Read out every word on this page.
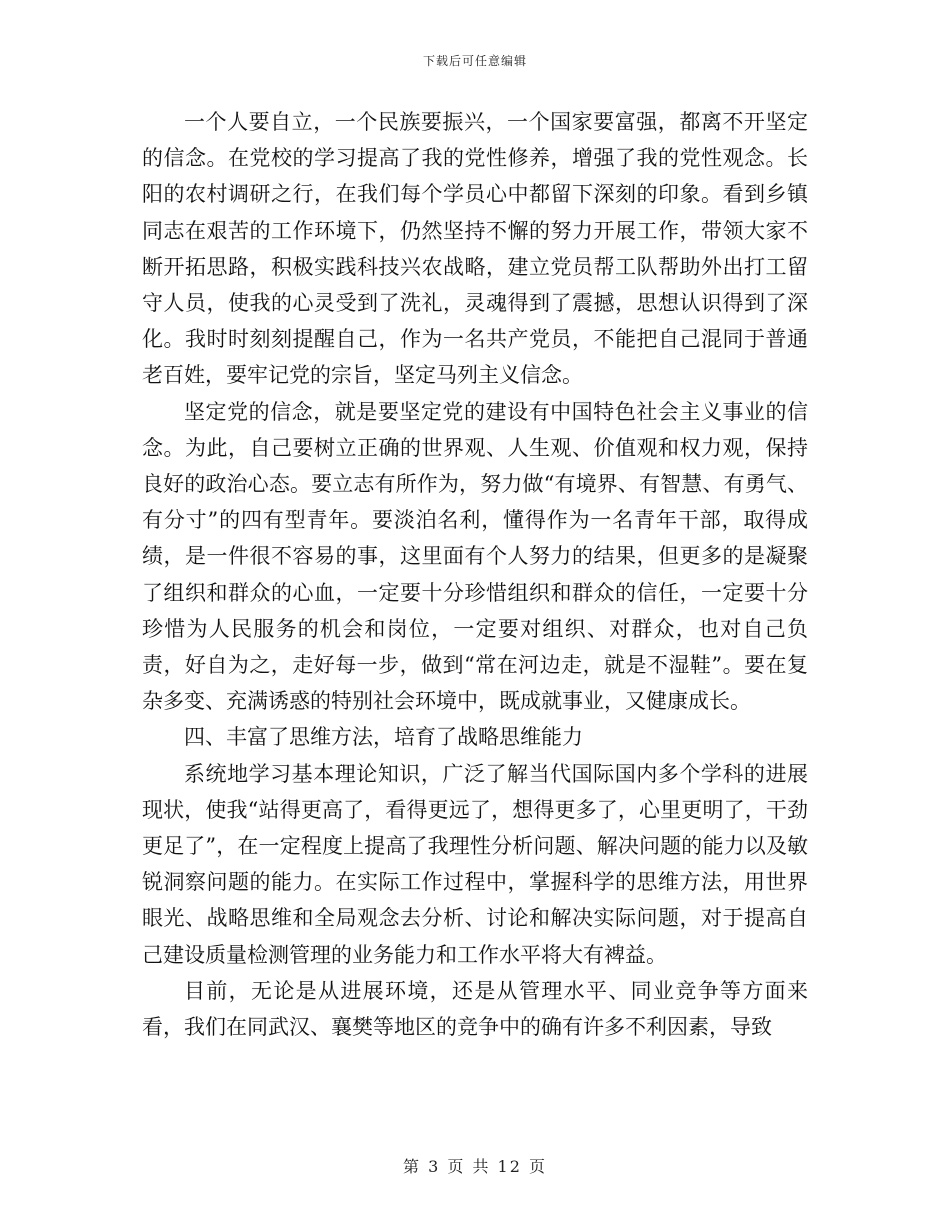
下载后可任意编辑

一个人要自立，一个民族要振兴，一个国家要富强，都离不开坚定的信念。在党校的学习提高了我的党性修养，增强了我的党性观念。长阳的农村调研之行，在我们每个学员心中都留下深刻的印象。看到乡镇同志在艰苦的工作环境下，仍然坚持不懈的努力开展工作，带领大家不断开拓思路，积极实践科技兴农战略，建立党员帮工队帮助外出打工留守人员，使我的心灵受到了洗礼，灵魂得到了震撼，思想认识得到了深化。我时时刻刻提醒自己，作为一名共产党员，不能把自己混同于普通老百姓，要牢记党的宗旨，坚定马列主义信念。

坚定党的信念，就是要坚定党的建设有中国特色社会主义事业的信念。为此，自己要树立正确的世界观、人生观、价值观和权力观，保持良好的政治心态。要立志有所作为，努力做“有境界、有智慧、有勇气、有分寸”的四有型青年。要淡泊名利，懂得作为一名青年干部，取得成绩，是一件很不容易的事，这里面有个人努力的结果，但更多的是凝聚了组织和群众的心血，一定要十分珍惜组织和群众的信任，一定要十分珍惜为人民服务的机会和岗位，一定要对组织、对群众，也对自己负责，好自为之，走好每一步，做到“常在河边走，就是不湿鞋”。要在复杂多变、充满诱惑的特别社会环境中，既成就事业，又健康成长。

四、丰富了思维方法，培育了战略思维能力

系统地学习基本理论知识，广泛了解当代国际国内多个学科的进展现状，使我“站得更高了，看得更远了，想得更多了，心里更明了，干劲更足了”，在一定程度上提高了我理性分析问题、解决问题的能力以及敏锐洞察问题的能力。在实际工作过程中，掌握科学的思维方法，用世界眼光、战略思维和全局观念去分析、讨论和解决实际问题，对于提高自己建设质量检测管理的业务能力和工作水平将大有裨益。

目前，无论是从进展环境，还是从管理水平、同业竞争等方面来看，我们在同武汉、襄樊等地区的竞争中的确有许多不利因素，导致

第 3 页 共 12 页
